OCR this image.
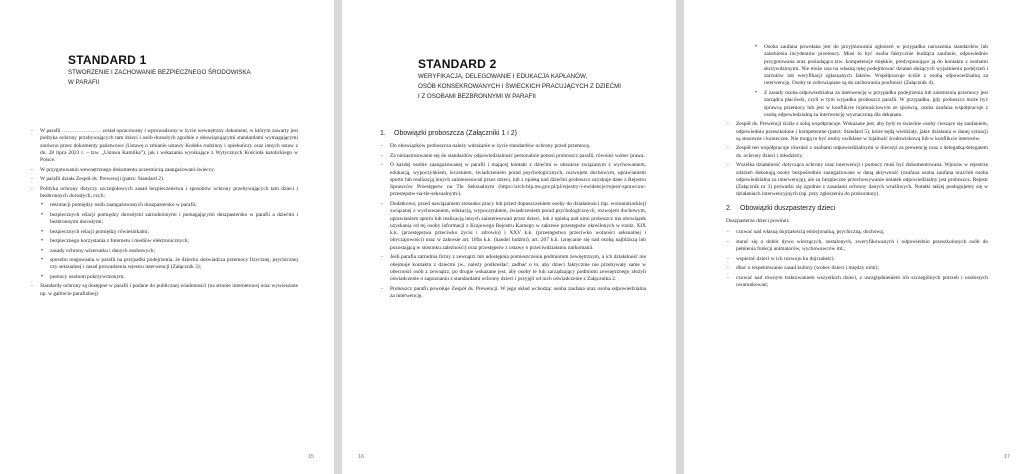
STANDARD 1
STWORZENIE I ZACHOWANIE BEZPIECZNEGO ŚRODOWISKA
W PARAFII
- W parafii …………………. został opracowany i wprowadzony w życie wewnętrzny dokument, w którym zawarty jest polityka ochrony przebywających tam dzieci i osób dorosłych zgodnie z obowiązującymi standardami wymagającymi zarówno przez dokumenty państwowe (Ustawę o zmianie ustawy Kodeks rodzinny i opiekuńczy oraz innych ustaw z dn. 28 lipca 2023 r. – tzw. „Ustawa Kamilka”), jak i wskazania wynikające z Wytycznych Kościoła katolickiego w Polsce.
- W przygotowaniu wewnętrznego dokumentu uczestniczą zaangażowani świeccy.
- W parafii działa Zespół ds. Prewencji (patrz: Standard 2).
- Polityka ochrony dotyczy szczegółowych zasad bezpieczeństwa i sposobów ochrony przebywających tam dzieci i bezbronnych dorosłych, czyli:
• rekrutacji pomiędzy osób zaangażowanych duszpastersko w parafii;
• bezpiecznych relacji pomiędzy dorosłymi zatrudnionymi i pomagającymi duszpastersko w parafii a dziećmi i bezbronnymi dorosłymi;
• bezpiecznych relacji pomiędzy rówieśnikami;
• bezpiecznego korzystania z Internetu i mediów elektronicznych;
• zasady ochrony wizerunku i danych osobowych;
• sposobu reagowania w parafii na przypadki podejrzenia, że dziecko doświadcza przemocy fizycznej, psychicznej czy seksualnej i zasad prowadzenia rejestru interwencji (Załącznik 3);
• pomocy osobom pokrzywdzonym.
- Standardy ochrony są dostępne w parafii i podane do publicznej wiadomości (na stronie internetowej oraz wywieszone np. w gablocie parafialnej).
15
STANDARD 2
WERYFIKACJA, DELEGOWANIE I EDUKACJA KAPŁANÓW,
OSÓB KONSEKROWANYCH I ŚWIECKICH PRACUJĄCYCH Z DZIEĆMI
I Z OSOBAMI BEZBRONNYMI W PARAFII
1. Obowiązki proboszcza (Załączniki 1 i 2)
- Do obowiązków proboszcza należy wdrażanie w życie standardów ochrony przed przemocą.
- Za niezastosowanie się do standardów odpowiedzialność personalnie ponosi proboszcz parafii, również wobec prawa.
- O każdej osobie zaangażowanej w parafii i mającej kontakt z dziećmi w obszarze związanym z wychowaniem, edukacją, wypoczynkiem, leczeniem, świadczeniem porad psychologicznych, rozwojem duchowym, uprawianiem sportu lub realizacją innych zainteresowań przez dzieci, lub z opieką nad dziećmi proboszcz uzyskuje dane z Rejestru Sprawców Przestępstw na Tle Seksualnym (https://arch-bip.ms.gov.pl/pl/rejestry-i-ewidencje/rejestr-sprawcow-przestepstw-na-tle-seksualnym/).
- Dodatkowo, przed nawiązaniem stosunku pracy lub przed dopuszczeniem osoby do działalności (np. wolontariackiej) związanej z wychowaniem, edukacją, wypoczynkiem, świadczeniem porad psychologicznych, rozwojem duchowym, uprawianiem sportu lub realizacją innych zainteresowań przez dzieci, lub z opieką nad nimi proboszcz ma obowiązek uzyskania od tej osoby informacji z Krajowego Rejestru Karnego w zakresie przestępstw określonych w rozdz. XIX k.k. (przestępstwa przeciwko życiu i zdrowiu) i XXV k.k. (przestępstwa przeciwko wolności seksualnej i obyczajowości) oraz w zakresie art. 189a k.k. (handel ludźmi), art. 207 k.k. (znęcanie się nad osobą najbliższą lub pozostającą w stosunku zależności) oraz przestępstw z ustawy o przeciwdziałaniu narkomanii.
- Jeśli parafia zatrudnia firmy z zewnątrz lub udostępnia pomieszczenia podmiotom zewnętrznym, a ich działalność nie obejmuje kontaktu z dziećmi jw., należy podkreślać: zadbać o to, aby dzieci faktycznie nie przebywały same w obecności osób z zewnątrz, po drugie wskazane jest, aby osoby te lub zarządzający podmiotu zewnętrznego złożyli oświadczenie o zapoznaniu z standardami ochrony dzieci i przyjęli od nich oświadczenie z Załącznika 2.
- Proboszcz parafii powołuje Zespół ds. Prewencji. W jego skład wchodzą: osoba zaufana oraz osoba odpowiedzialna za interwencję.
16
• Osoba zaufana powołana jest do przyjmowania zgłoszeń w przypadku naruszenia standardów lub zaistnienia incydentów przemocy. Musi to być osoba faktycznie budząca zaufanie, odpowiednio przygotowana oraz posiadająca tzw. kompetencje miękkie, predysponujące ją do kontaktu z osobami skrzywdzonymi. Nie może ona na własną rękę podejmować działań służących wyjaśnieniu podejrzeń i zarzutów lub weryfikacji zgłaszanych faktów. Współpracuje ściśle z osobą odpowiedzialną za interwencję. Osoby te zobowiązane są do zachowania poufności (Załącznik 4).
• Z zasady osoba odpowiedzialna za interwencję w przypadku podejrzenia lub zaistnienia przemocy jest zarządca placówki, czyli w tym wypadku proboszcz parafii. W przypadku, gdy proboszcz może być sprawcą przemocy lub jest w konflikcie lojalnościowym ze sprawcą, osoba zaufana współpracuje z osobą odpowiedzialną za interwencję wyznaczoną dla dekanatu.
- Zespół ds. Prewencji ściśle z sobą współpracuje. Wskazane jest, aby były to świeckie osoby cieszące się zaufaniem, odpowiednio przeszkolone i kompetentne (patrz: Standard 5), które będą wiedziały, jakie działania w danej sytuacji są stosowne i konieczne. Nie mogą to być osoby uwikłane w lojalność środowiskową lub w konflikcie interesów.
- Zespół ten współpracuje również z osobami odpowiedzialnymi w diecezji za prewencję oraz z delegatką/delegatem ds. ochrony dzieci i młodzieży.
- Wszelka działalność dotycząca ochrony oraz interwencji i pomocy musi być dokumentowana. Wpisów w rejestrze zdarzeń dokonują osoby bezpośrednio zaangażowane w daną aktywność (zaufana osoba zaufana oraz/lub osoba odpowiedzialna za interwencję), ale za bezpieczne przechowywanie notatek odpowiedzialny jest proboszcz. Rejestr (Załącznik nr 3) prowadzi się zgodnie z zasadami ochrony danych wrażliwych. Notatki takiej posługujemy się w działaniach interwencyjnych (np. przy zgłoszeniu do prokuratury).
2. Obowiązki duszpasterzy dzieci
Duszpasterze dzieci powinni:
- czuwać nad własną dojrzałością emocjonalną, psychiczną, duchową;
- starać się o dobór dywo wierzących, zestalonych, zweryfikowanych i odpowiednio przeszkolonych osób do pełnienia funkcji animatorów, wychowawców itd.;
- wspierać dzieci w ich rozwoju ku dojrzałości;
- dbać o respektowanie zasad kultury (wobec dzieci i między nimi);
- czuwać nad równym traktowaniem wszystkich dzieci, z uwzględnieniem ich szczególnych potrzeb i osobistych uwarunkowań;
17
